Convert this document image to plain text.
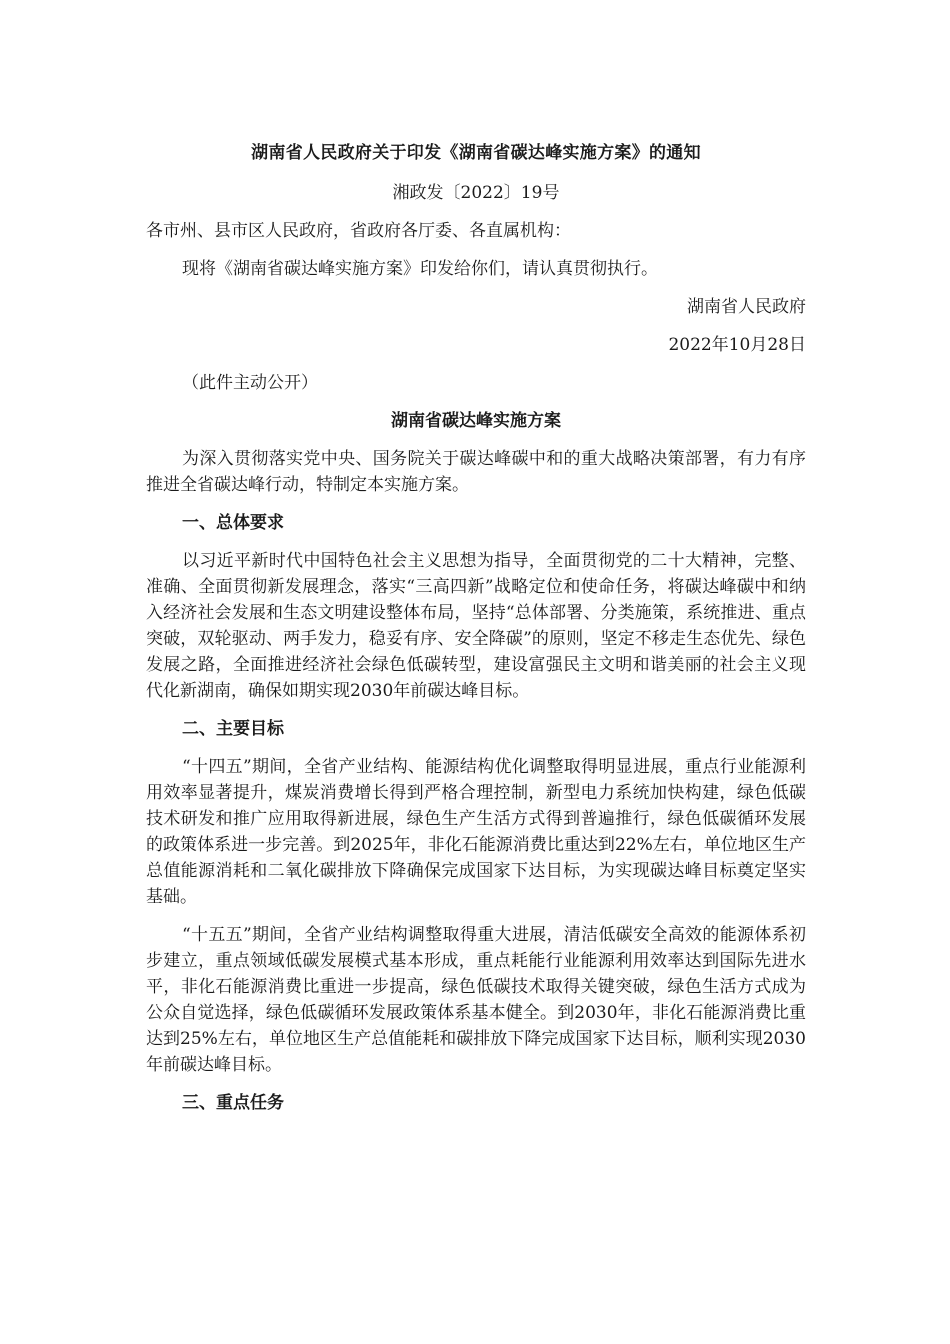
湖南省人民政府关于印发《湖南省碳达峰实施方案》的通知
湘政发〔2022〕19号

各市州、县市区人民政府，省政府各厅委、各直属机构：

现将《湖南省碳达峰实施方案》印发给你们，请认真贯彻执行。

湖南省人民政府
2022年10月28日

（此件主动公开）

湖南省碳达峰实施方案

为深入贯彻落实党中央、国务院关于碳达峰碳中和的重大战略决策部署，有力有序推进全省碳达峰行动，特制定本实施方案。

一、总体要求

以习近平新时代中国特色社会主义思想为指导，全面贯彻党的二十大精神，完整、准确、全面贯彻新发展理念，落实“三高四新”战略定位和使命任务，将碳达峰碳中和纳入经济社会发展和生态文明建设整体布局，坚持“总体部署、分类施策，系统推进、重点突破，双轮驱动、两手发力，稳妥有序、安全降碳”的原则，坚定不移走生态优先、绿色发展之路，全面推进经济社会绿色低碳转型，建设富强民主文明和谐美丽的社会主义现代化新湖南，确保如期实现2030年前碳达峰目标。

二、主要目标

“十四五”期间，全省产业结构、能源结构优化调整取得明显进展，重点行业能源利用效率显著提升，煤炭消费增长得到严格合理控制，新型电力系统加快构建，绿色低碳技术研发和推广应用取得新进展，绿色生产生活方式得到普遍推行，绿色低碳循环发展的政策体系进一步完善。到2025年，非化石能源消费比重达到22%左右，单位地区生产总值能源消耗和二氧化碳排放下降确保完成国家下达目标，为实现碳达峰目标奠定坚实基础。

“十五五”期间，全省产业结构调整取得重大进展，清洁低碳安全高效的能源体系初步建立，重点领域低碳发展模式基本形成，重点耗能行业能源利用效率达到国际先进水平，非化石能源消费比重进一步提高，绿色低碳技术取得关键突破，绿色生活方式成为公众自觉选择，绿色低碳循环发展政策体系基本健全。到2030年，非化石能源消费比重达到25%左右，单位地区生产总值能耗和碳排放下降完成国家下达目标，顺利实现2030年前碳达峰目标。

三、重点任务
